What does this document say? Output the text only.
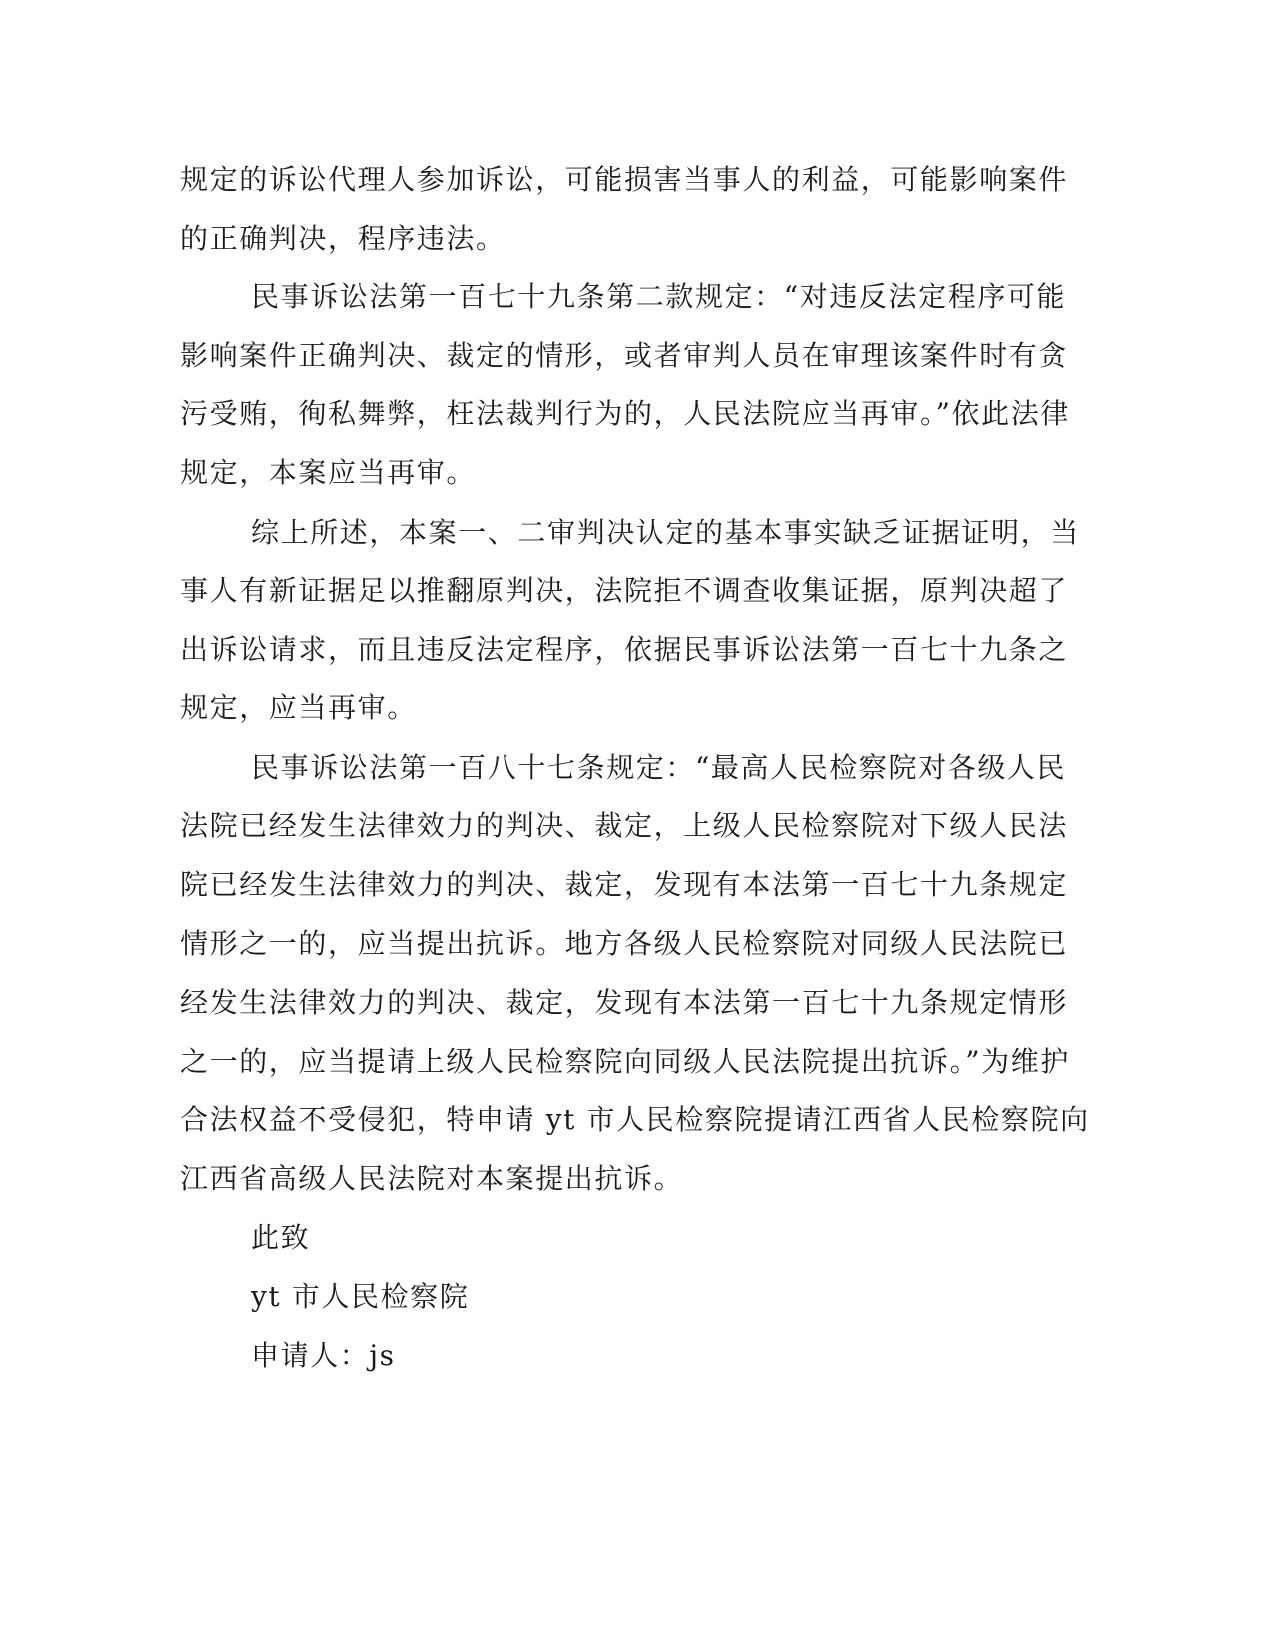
规定的诉讼代理人参加诉讼，可能损害当事人的利益，可能影响案件
的正确判决，程序违法。
民事诉讼法第一百七十九条第二款规定：“对违反法定程序可能
影响案件正确判决、裁定的情形，或者审判人员在审理该案件时有贪
污受贿，徇私舞弊，枉法裁判行为的，人民法院应当再审。”依此法律
规定，本案应当再审。
综上所述，本案一、二审判决认定的基本事实缺乏证据证明，当
事人有新证据足以推翻原判决，法院拒不调查收集证据，原判决超了
出诉讼请求，而且违反法定程序，依据民事诉讼法第一百七十九条之
规定，应当再审。
民事诉讼法第一百八十七条规定：“最高人民检察院对各级人民
法院已经发生法律效力的判决、裁定，上级人民检察院对下级人民法
院已经发生法律效力的判决、裁定，发现有本法第一百七十九条规定
情形之一的，应当提出抗诉。地方各级人民检察院对同级人民法院已
经发生法律效力的判决、裁定，发现有本法第一百七十九条规定情形
之一的，应当提请上级人民检察院向同级人民法院提出抗诉。”为维护
合法权益不受侵犯，特申请 yt 市人民检察院提请江西省人民检察院向
江西省高级人民法院对本案提出抗诉。
此致
yt 市人民检察院
申请人：js
